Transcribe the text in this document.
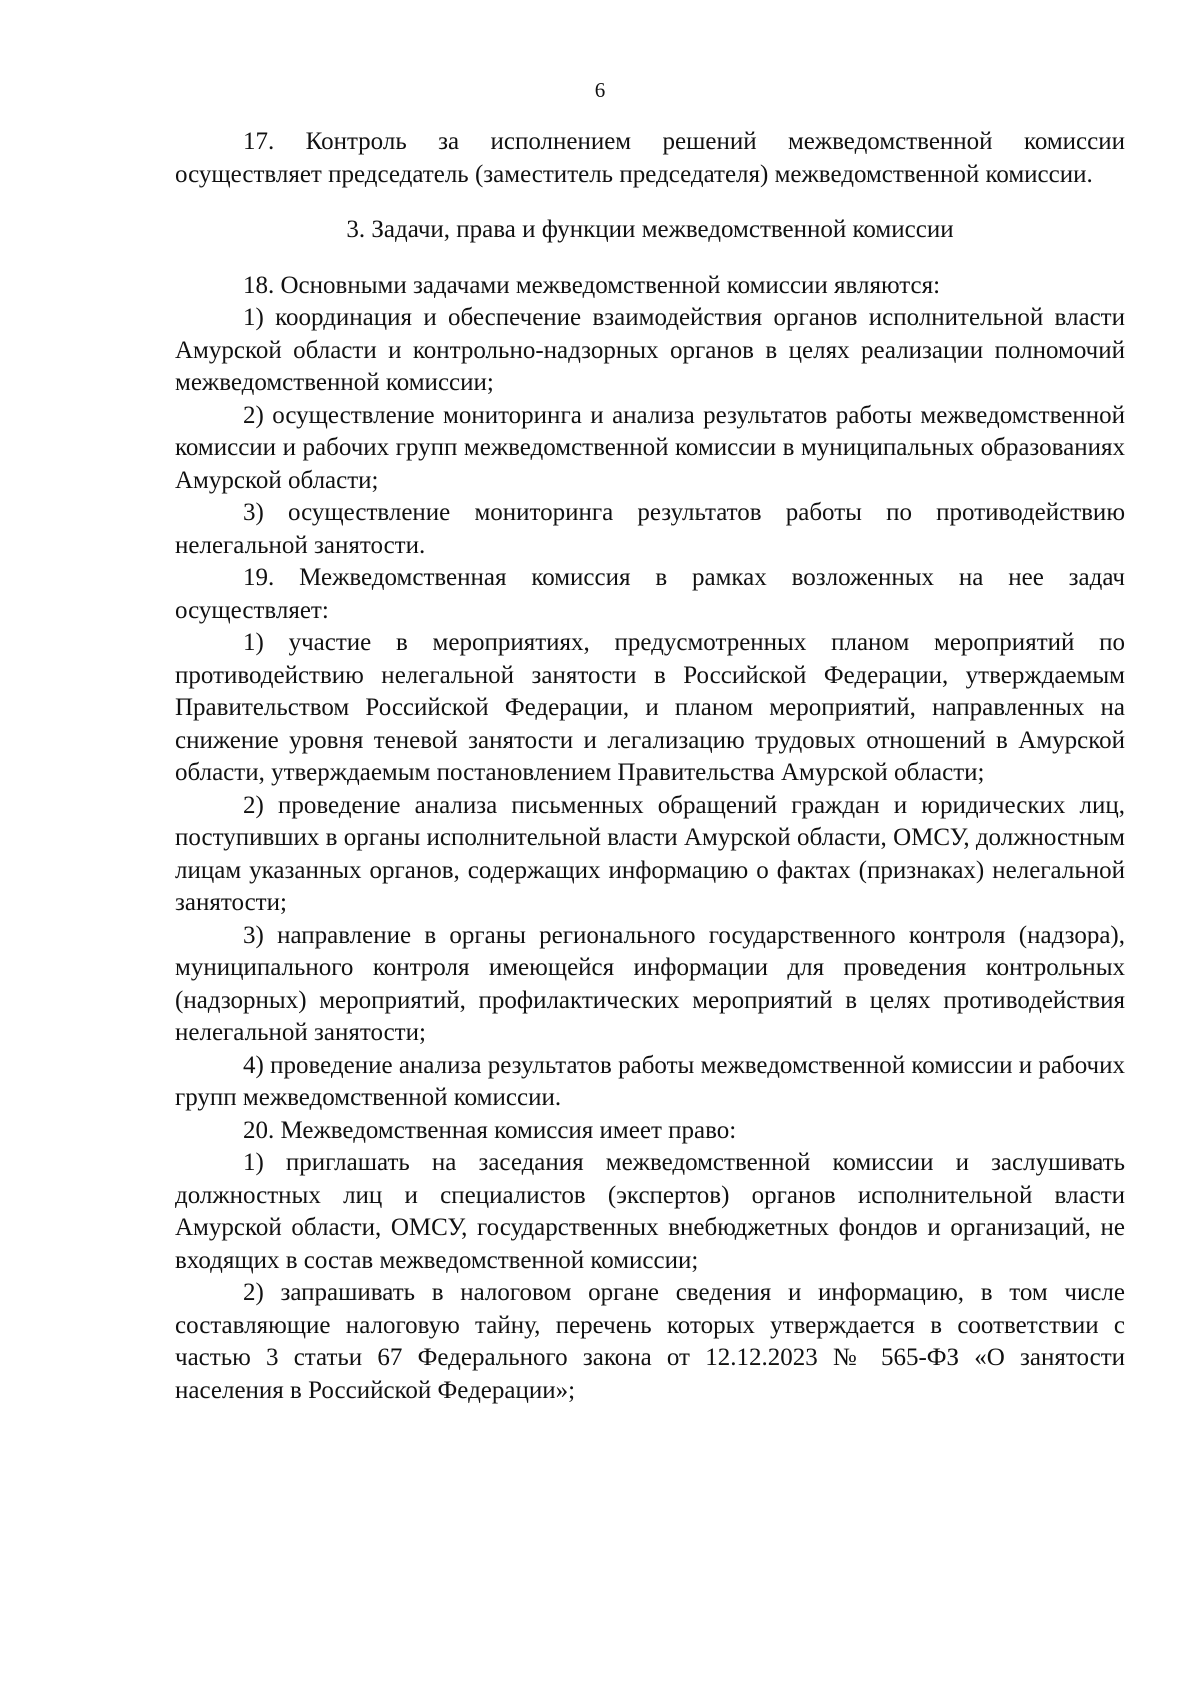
6

17. Контроль за исполнением решений межведомственной комиссии осуществляет председатель (заместитель председателя) межведомственной комиссии.

3. Задачи, права и функции межведомственной комиссии

18. Основными задачами межведомственной комиссии являются:

1) координация и обеспечение взаимодействия органов исполнительной власти Амурской области и контрольно-надзорных органов в целях реализации полномочий межведомственной комиссии;

2) осуществление мониторинга и анализа результатов работы межведомственной комиссии и рабочих групп межведомственной комиссии в муниципальных образованиях Амурской области;

3) осуществление мониторинга результатов работы по противодействию нелегальной занятости.

19. Межведомственная комиссия в рамках возложенных на нее задач осуществляет:

1) участие в мероприятиях, предусмотренных планом мероприятий по противодействию нелегальной занятости в Российской Федерации, утверждаемым Правительством Российской Федерации, и планом мероприятий, направленных на снижение уровня теневой занятости и легализацию трудовых отношений в Амурской области, утверждаемым постановлением Правительства Амурской области;

2) проведение анализа письменных обращений граждан и юридических лиц, поступивших в органы исполнительной власти Амурской области, ОМСУ, должностным лицам указанных органов, содержащих информацию о фактах (признаках) нелегальной занятости;

3) направление в органы регионального государственного контроля (надзора), муниципального контроля имеющейся информации для проведения контрольных (надзорных) мероприятий, профилактических мероприятий в целях противодействия нелегальной занятости;

4) проведение анализа результатов работы межведомственной комиссии и рабочих групп межведомственной комиссии.

20. Межведомственная комиссия имеет право:

1) приглашать на заседания межведомственной комиссии и заслушивать должностных лиц и специалистов (экспертов) органов исполнительной власти Амурской области, ОМСУ, государственных внебюджетных фондов и организаций, не входящих в состав межведомственной комиссии;

2) запрашивать в налоговом органе сведения и информацию, в том числе составляющие налоговую тайну, перечень которых утверждается в соответствии с частью 3 статьи 67 Федерального закона от 12.12.2023 № 565-ФЗ «О занятости населения в Российской Федерации»;
